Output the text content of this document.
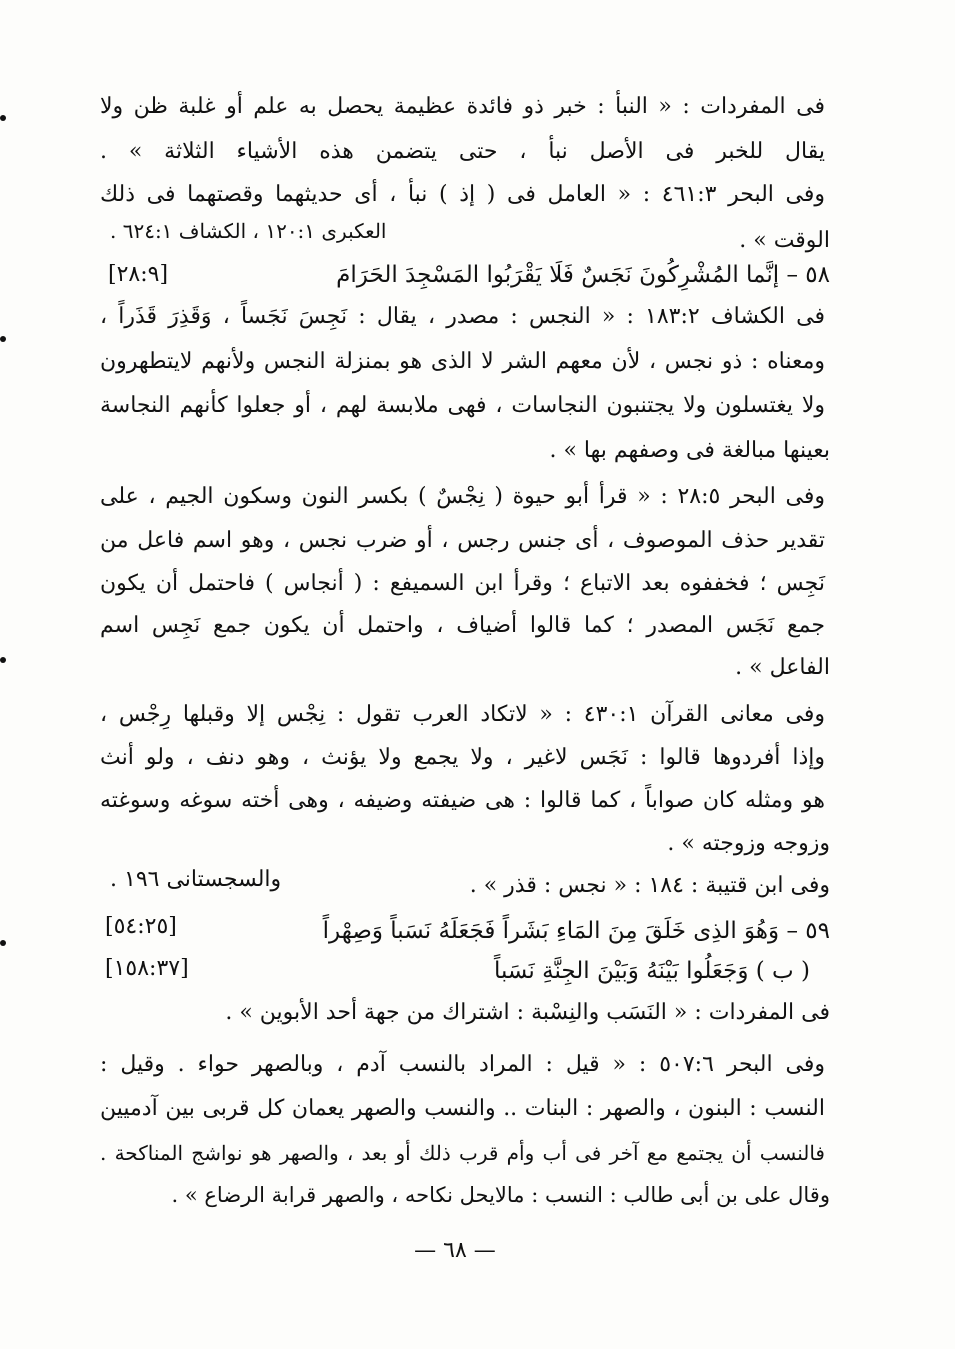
فى المفردات : « النبأ : خبر ذو فائدة عظيمة يحصل به علم أو غلبة ظن ولا
يقال للخبر فى الأصل نبأ ، حتى يتضمن هذه الأشياء الثلاثة » .
وفى البحر ٤٦١:٣ : « العامل فى ( إذ ) نبأ ، أى حديثهما وقصتهما فى ذلك
الوقت » .
العكبرى ١٢٠:١ ، الكشاف ٦٢٤:١ .
٥٨ – إنَّما المُشْرِكُونَ نَجَسٌ فَلَا يَقْرَبُوا المَسْجِدَ الحَرَامَ
[٢٨:٩]
فى الكشاف ١٨٣:٢ : « النجس : مصدر ، يقال : نَجِسَ نَجَساً ، وَقَذِرَ قَذَراً ،
ومعناه : ذو نجس ، لأن معهم الشر لا الذى هو بمنزلة النجس ولأنهم لايتطهرون
ولا يغتسلون ولا يجتنبون النجاسات ، فهى ملابسة لهم ، أو جعلوا كأنهم النجاسة
بعينها مبالغة فى وصفهم بها » .
وفى البحر ٢٨:٥ : « قرأ أبو حيوة ( نِجْسٌ ) بكسر النون وسكون الجيم ، على
تقدير حذف الموصوف ، أى جنس رجس ، أو ضرب نجس ، وهو اسم فاعل من
نَجِس ؛ فخففوه بعد الاتباع ؛ وقرأ ابن السميفع : ( أنجاس ) فاحتمل أن يكون
جمع نَجَس المصدر ؛ كما قالوا أضياف ، واحتمل أن يكون جمع نَجِس اسم
الفاعل » .
وفى معانى القرآن ٤٣٠:١ : « لاتكاد العرب تقول : نِجْس إلا وقبلها رِجْس ،
وإذا أفردوها قالوا : نَجَس لاغير ، ولا يجمع ولا يؤنث ، وهو دنف ، ولو أنث
هو ومثله كان صواباً ، كما قالوا : هى ضيفته وضيفه ، وهى أخته سوغه وسوغته
وزوجه وزوجته » .
وفى ابن قتيبة : ١٨٤ : « نجس : قذر » .
والسجستانى ١٩٦ .
٥٩ – وَهُوَ الذِى خَلَقَ مِنَ المَاءِ بَشَراً فَجَعَلَهُ نَسَباً وَصِهْراً
[٥٤:٢٥]
( ب ) وَجَعَلُوا بَيْنَهُ وَبَيْنَ الجِنَّةِ نَسَباً
[١٥٨:٣٧]
فى المفردات : « النَسَب والنِسْبة : اشتراك من جهة أحد الأبوين » .
وفى البحر ٥٠٧:٦ : « قيل : المراد بالنسب آدم ، وبالصهر حواء . وقيل :
النسب : البنون ، والصهر : البنات .. والنسب والصهر يعمان كل قربى بين آدميين
فالنسب أن يجتمع مع آخر فى أب وأم قرب ذلك أو بعد ، والصهر هو نواشج المناكحة .
وقال على بن أبى طالب : النسب : مالايحل نكاحه ، والصهر قرابة الرضاع » .
— ٦٨ —
